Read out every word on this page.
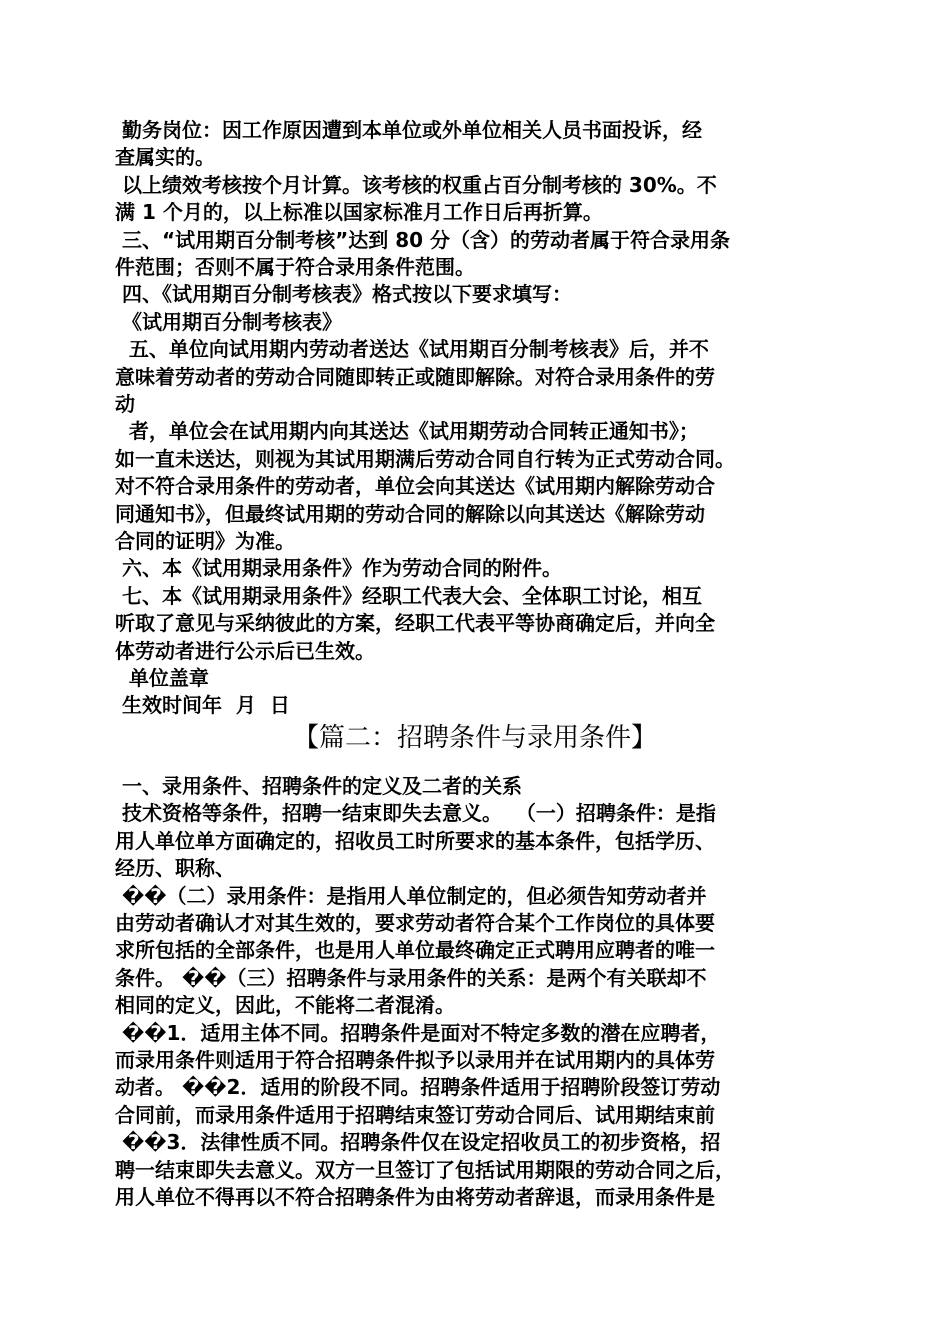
勤务岗位：因工作原因遭到本单位或外单位相关人员书面投诉，经
查属实的。
以上绩效考核按个月计算。该考核的权重占百分制考核的 30%。不
满 1 个月的，以上标准以国家标准月工作日后再折算。
三、“试用期百分制考核”达到 80 分（含）的劳动者属于符合录用条
件范围；否则不属于符合录用条件范围。
四、《试用期百分制考核表》格式按以下要求填写：
《试用期百分制考核表》
五、单位向试用期内劳动者送达《试用期百分制考核表》后，并不
意味着劳动者的劳动合同随即转正或随即解除。对符合录用条件的劳
动
者，单位会在试用期内向其送达《试用期劳动合同转正通知书》；
如一直未送达，则视为其试用期满后劳动合同自行转为正式劳动合同。
对不符合录用条件的劳动者，单位会向其送达《试用期内解除劳动合
同通知书》，但最终试用期的劳动合同的解除以向其送达《解除劳动
合同的证明》为准。
六、本《试用期录用条件》作为劳动合同的附件。
七、本《试用期录用条件》经职工代表大会、全体职工讨论，相互
听取了意见与采纳彼此的方案，经职工代表平等协商确定后，并向全
体劳动者进行公示后已生效。
单位盖章
生效时间年  月  日
【篇二：招聘条件与录用条件】
一、录用条件、招聘条件的定义及二者的关系
技术资格等条件，招聘一结束即失去意义。  （一）招聘条件：是指
用人单位单方面确定的，招收员工时所要求的基本条件，包括学历、
经历、职称、
��（二）录用条件：是指用人单位制定的，但必须告知劳动者并
由劳动者确认才对其生效的，要求劳动者符合某个工作岗位的具体要
求所包括的全部条件，也是用人单位最终确定正式聘用应聘者的唯一
条件。 ��（三）招聘条件与录用条件的关系：是两个有关联却不
相同的定义，因此，不能将二者混淆。
��1．适用主体不同。招聘条件是面对不特定多数的潜在应聘者，
而录用条件则适用于符合招聘条件拟予以录用并在试用期内的具体劳
动者。 ��2．适用的阶段不同。招聘条件适用于招聘阶段签订劳动
合同前，而录用条件适用于招聘结束签订劳动合同后、试用期结束前
��3．法律性质不同。招聘条件仅在设定招收员工的初步资格，招
聘一结束即失去意义。双方一旦签订了包括试用期限的劳动合同之后，
用人单位不得再以不符合招聘条件为由将劳动者辞退，而录用条件是
